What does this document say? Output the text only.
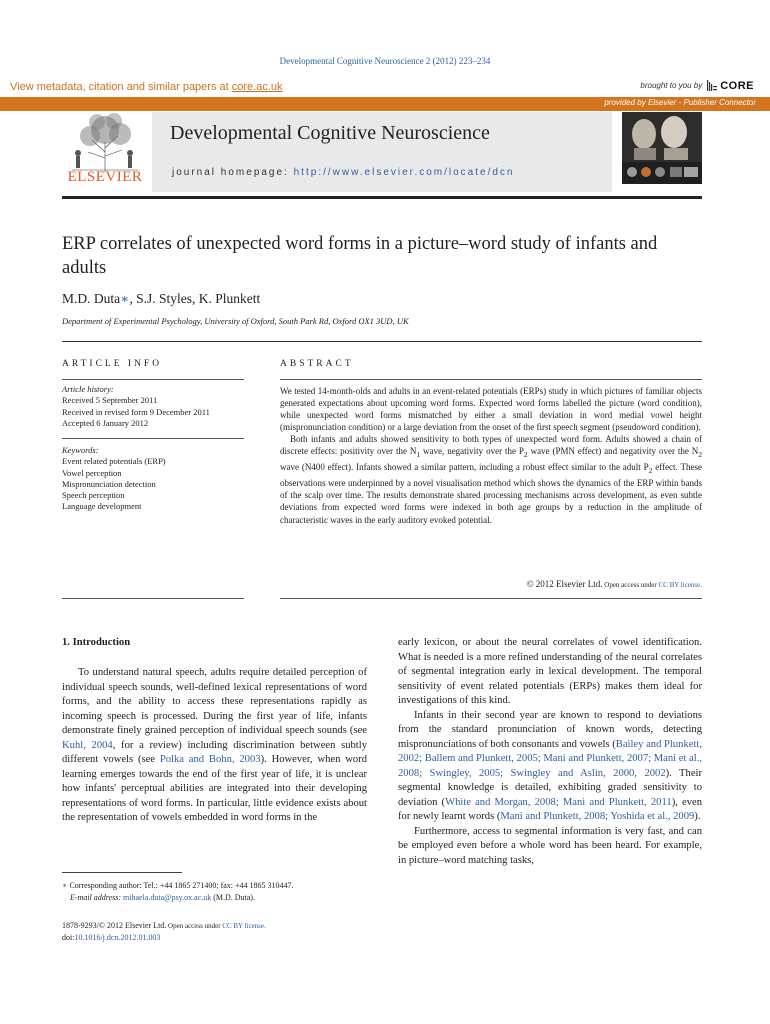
Developmental Cognitive Neuroscience 2 (2012) 223–234
View metadata, citation and similar papers at core.ac.uk	brought to you by CORE
provided by Elsevier - Publisher Connector
ELSEVIER
Developmental Cognitive Neuroscience
journal homepage: http://www.elsevier.com/locate/dcn
ERP correlates of unexpected word forms in a picture–word study of infants and adults
M.D. Duta∗, S.J. Styles, K. Plunkett
Department of Experimental Psychology, University of Oxford, South Park Rd, Oxford OX1 3UD, UK
ARTICLE INFO
Article history:
Received 5 September 2011
Received in revised form 9 December 2011
Accepted 6 January 2012
Keywords:
Event related potentials (ERP)
Vowel perception
Mispronunciation detection
Speech perception
Language development
ABSTRACT

We tested 14-month-olds and adults in an event-related potentials (ERPs) study in which pictures of familiar objects generated expectations about upcoming word forms. Expected word forms labelled the picture (word condition), while unexpected word forms mismatched by either a small deviation in word medial vowel height (mispronunciation condition) or a large deviation from the onset of the first speech segment (pseudoword condition).

Both infants and adults showed sensitivity to both types of unexpected word form. Adults showed a chain of discrete effects: positivity over the $N_1$ wave, negativity over the $P_2$ wave (PMN effect) and negativity over the $N_2$ wave (N400 effect). Infants showed a similar pattern, including a robust effect similar to the adult $P_2$ effect. These observations were underpinned by a novel visualisation method which shows the dynamics of the ERP within bands of the scalp over time. The results demonstrate shared processing mechanisms across development, as even subtle deviations from expected word forms were indexed in both age groups by a reduction in the amplitude of characteristic waves in the early auditory evoked potential.

© 2012 Elsevier Ltd. Open access under CC BY license.
1. Introduction

To understand natural speech, adults require detailed perception of individual speech sounds, well-defined lexical representations of word forms, and the ability to access these representations rapidly as incoming speech is processed. During the first year of life, infants demonstrate finely grained perception of individual speech sounds (see Kuhl, 2004, for a review) including discrimination between subtly different vowels (see Polka and Bohn, 2003). However, when word learning emerges towards the end of the first year of life, it is unclear how infants' perceptual abilities are integrated into their developing representations of word forms. In particular, little evidence exists about the representation of vowels embedded in word forms in the

early lexicon, or about the neural correlates of vowel identification. What is needed is a more refined understanding of the neural correlates of segmental integration early in lexical development. The temporal sensitivity of event related potentials (ERPs) makes them ideal for investigations of this kind.

Infants in their second year are known to respond to deviations from the standard pronunciation of known words, detecting mispronunciations of both consonants and vowels (Bailey and Plunkett, 2002; Ballem and Plunkett, 2005; Mani and Plunkett, 2007; Mani et al., 2008; Swingley, 2005; Swingley and Aslin, 2000, 2002). Their segmental knowledge is detailed, exhibiting graded sensitivity to deviation (White and Morgan, 2008; Mani and Plunkett, 2011), even for newly learnt words (Mani and Plunkett, 2008; Yoshida et al., 2009).

Furthermore, access to segmental information is very fast, and can be employed even before a whole word has been heard. For example, in picture–word matching tasks,

∗ Corresponding author: Tel.: +44 1865 271400; fax: +44 1865 310447.
E-mail address: mihaela.duta@psy.ox.ac.uk (M.D. Duta).
1878-9293/© 2012 Elsevier Ltd. Open access under CC BY license.
doi:10.1016/j.dcn.2012.01.003
